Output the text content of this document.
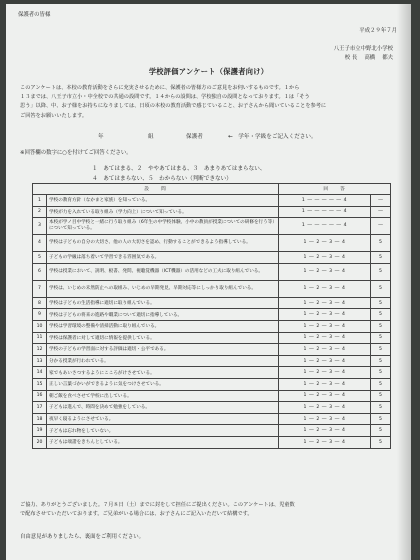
保護者の皆様
平成２９年７月
八王子市立中野北小学校
校 長　 高橋 　都夫
学校評価アンケート（保護者向け）
このアンケートは、本校の教育活動をさらに充実させるために、保護者の皆様方のご意見をお伺いするものです。１から
１３までは、八王子市立小・中全校での共通の設問です。１４からの設問は、学校独自の設問となっております。１は「そう
思う」以降、中、お子様をお持ちになりましては、日頃の本校の教育活動で感じていること、お子さんから聞いていることを参考に
ご回答をお願いいたします。
年	組	保護者	←　学年・学級をご記入ください。
※回答欄の数字に○を付けてご回答ください。
１　あてはまる、２　ややあてはまる、３　あまりあてはまらない、
４　あてはまらない、５　わからない（判断できない）
設　　問		回　　答	
1	学校の教育方針（なかまと家族）を知っている。	1 ― ― ― ― ― 4	―
2	学校が力を入れている取り組み（学力向上）について知っている。	1 ― ― ― ― ― 4	―
3	本校が学ノ目中学校と一緒に行う取り組み（6年生の中学校体験、小中の教員が授業についての研修を行う等）について知っている。	1 ― ― ― ― ― 4	―
4	学校は子どもの自分の大切さ、他の人の大切さを認め、行動することができるよう指導している。	1 ― 2 ― 3 ― 4	5
5	子どもの学級は落ち着いて学習できる雰囲気である。	1 ― 2 ― 3 ― 4	5
6	学校は授業において、説明、板書、発問、視聴覚機器（ICT機器）の活用などの工夫に取り組んでいる。	1 ― 2 ― 3 ― 4	5
7	学校は、いじめの未然防止への取組み、いじめの早期発見、早期対応等にしっかり取り組んでいる。	1 ― 2 ― 3 ― 4	5
8	学校は子どもの生活指導に適切に取り組んでいる。	1 ― 2 ― 3 ― 4	5
9	学校は子どもの将来の進路や職業について適切に指導している。	1 ― 2 ― 3 ― 4	5
10	学校は学習環境の整備や清掃活動に取り組んでいる。	1 ― 2 ― 3 ― 4	5
11	学校は保護者に対して適切に情報を提供している。	1 ― 2 ― 3 ― 4	5
12	学校の子どもの学習面に対する評価は適切・公平である。	1 ― 2 ― 3 ― 4	5
13	分かる授業が行われている。	1 ― 2 ― 3 ― 4	5
14	家でもあいさつするようにこころがけさせている。	1 ― 2 ― 3 ― 4	5
15	正しい言葉づかいができるように気をつけさせている。	1 ― 2 ― 3 ― 4	5
16	朝ご飯を食べさせて学校に出している。	1 ― 2 ― 3 ― 4	5
17	子どもは進んで、時間を決めて勉強をしている。	1 ― 2 ― 3 ― 4	5
18	夜早く寝るようにさせている。	1 ― 2 ― 3 ― 4	5
19	子どもは忘れ物をしていない。	1 ― 2 ― 3 ― 4	5
20	子どもは端諧をきちんとしている。	1 ― 2 ― 3 ― 4	5
ご協力、ありがとうございました。７月８日（土）までに封をして担任にご提出ください。このアンケートは、児童数
で配布させていただいております。ご兄弟がいる場合には、お子さんにご記入いただいて結構です。
自由意見がありましたら、裏面をご利用ください。
